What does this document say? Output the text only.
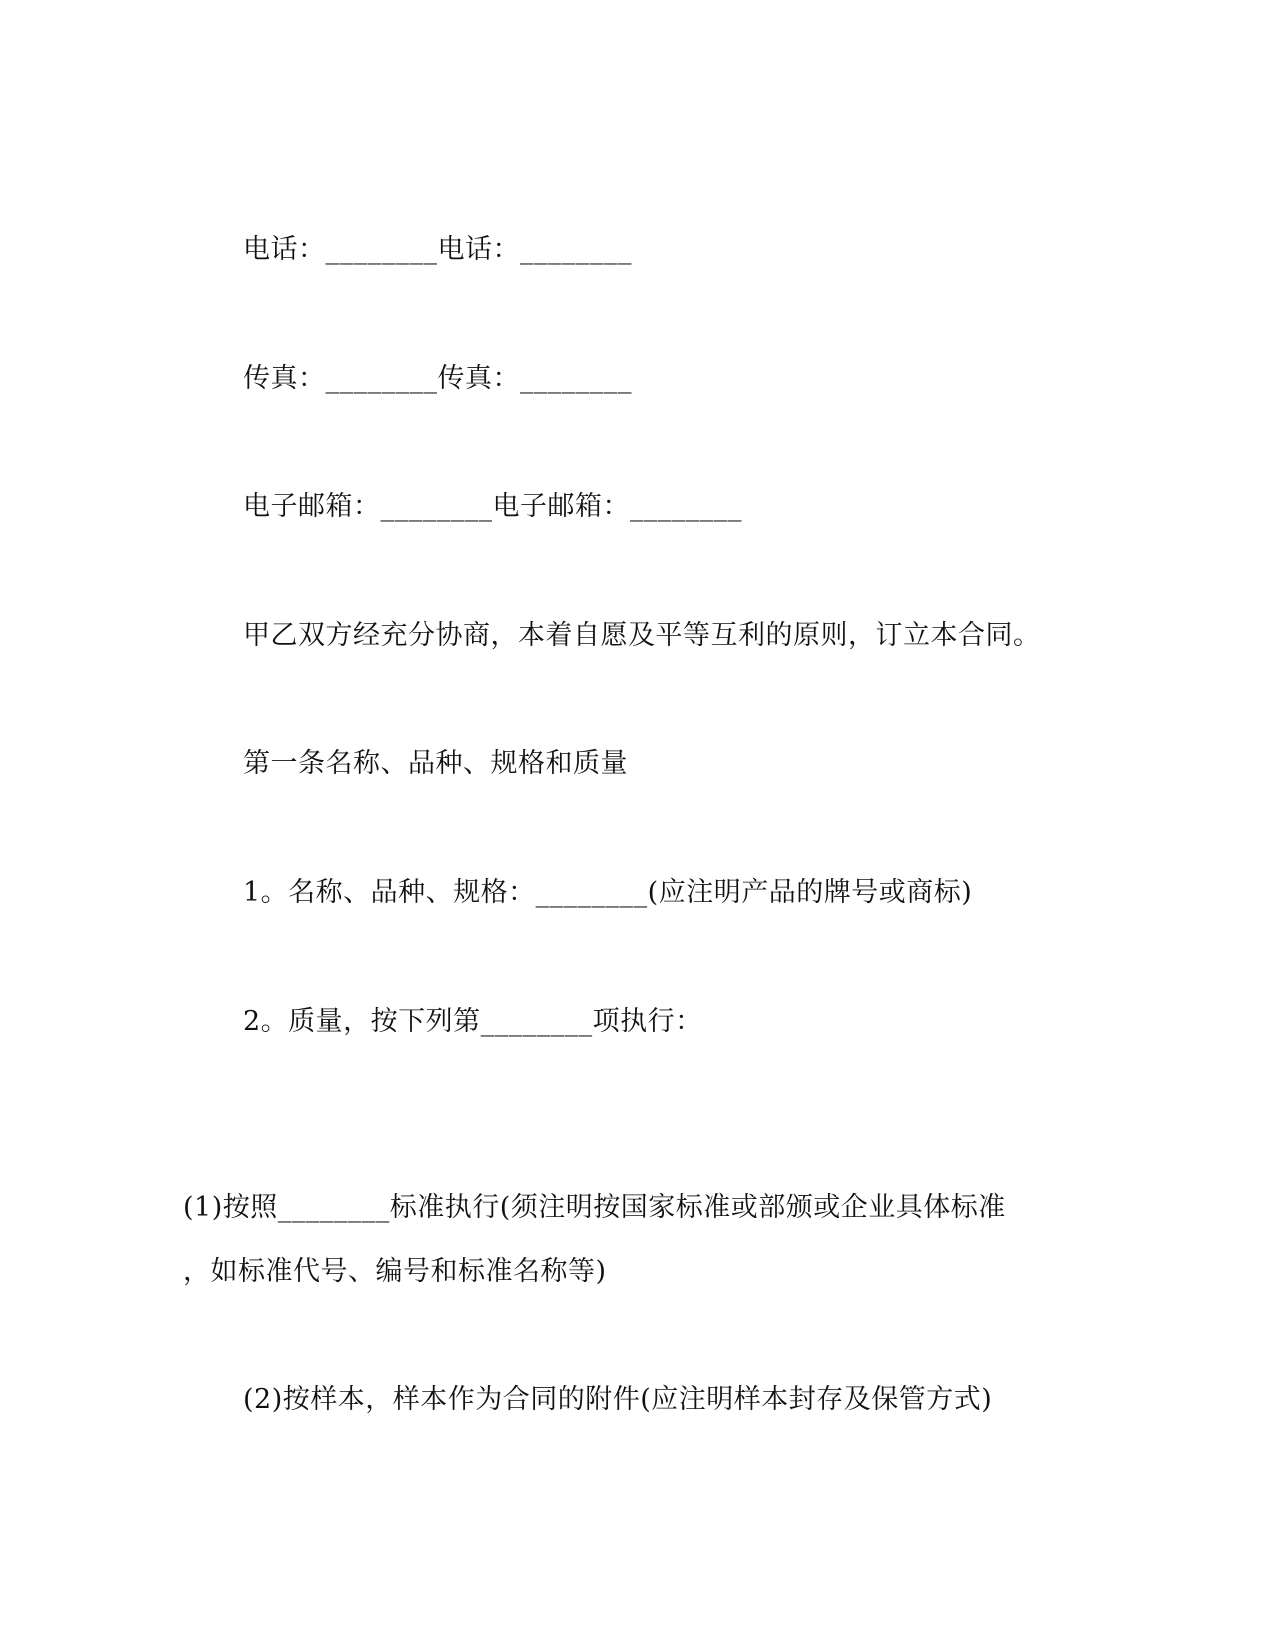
电话：________电话：________
传真：________传真：________
电子邮箱：________电子邮箱：________
甲乙双方经充分协商，本着自愿及平等互利的原则，订立本合同。
第一条名称、品种、规格和质量
1。名称、品种、规格：________(应注明产品的牌号或商标)
2。质量，按下列第________项执行：
(1)按照________标准执行(须注明按国家标准或部颁或企业具体标准
，如标准代号、编号和标准名称等)
(2)按样本，样本作为合同的附件(应注明样本封存及保管方式)
